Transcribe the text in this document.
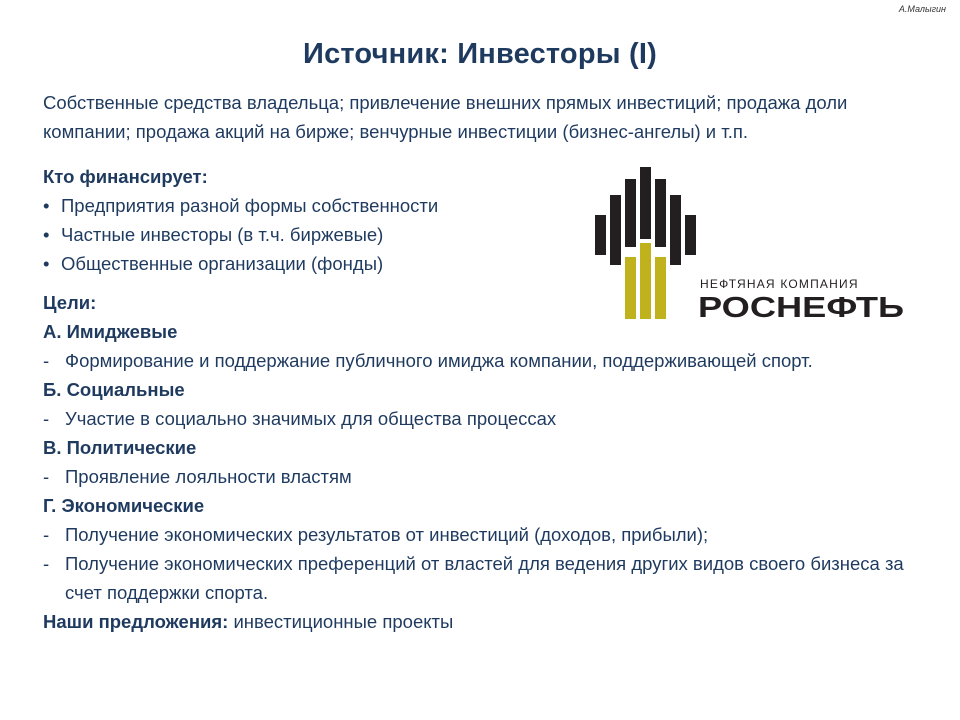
А.Малыгин
Источник: Инвесторы (I)
Собственные средства владельца; привлечение внешних прямых инвестиций; продажа доли компании; продажа акций на бирже; венчурные инвестиции (бизнес-ангелы) и т.п.
Кто финансирует:
• Предприятия разной формы собственности
• Частные инвесторы (в т.ч. биржевые)
• Общественные организации (фонды)
Цели:
А. Имиджевые
- Формирование и поддержание публичного имиджа компании, поддерживающей спорт.
Б. Социальные
- Участие в социально значимых для общества процессах
В. Политические
- Проявление лояльности властям
Г. Экономические
- Получение экономических результатов от инвестиций (доходов, прибыли);
- Получение экономических преференций от властей для ведения других видов своего бизнеса за счет поддержки спорта.
Наши предложения: инвестиционные проекты
НЕФТЯНАЯ КОМПАНИЯ
РОСНЕФТЬ
